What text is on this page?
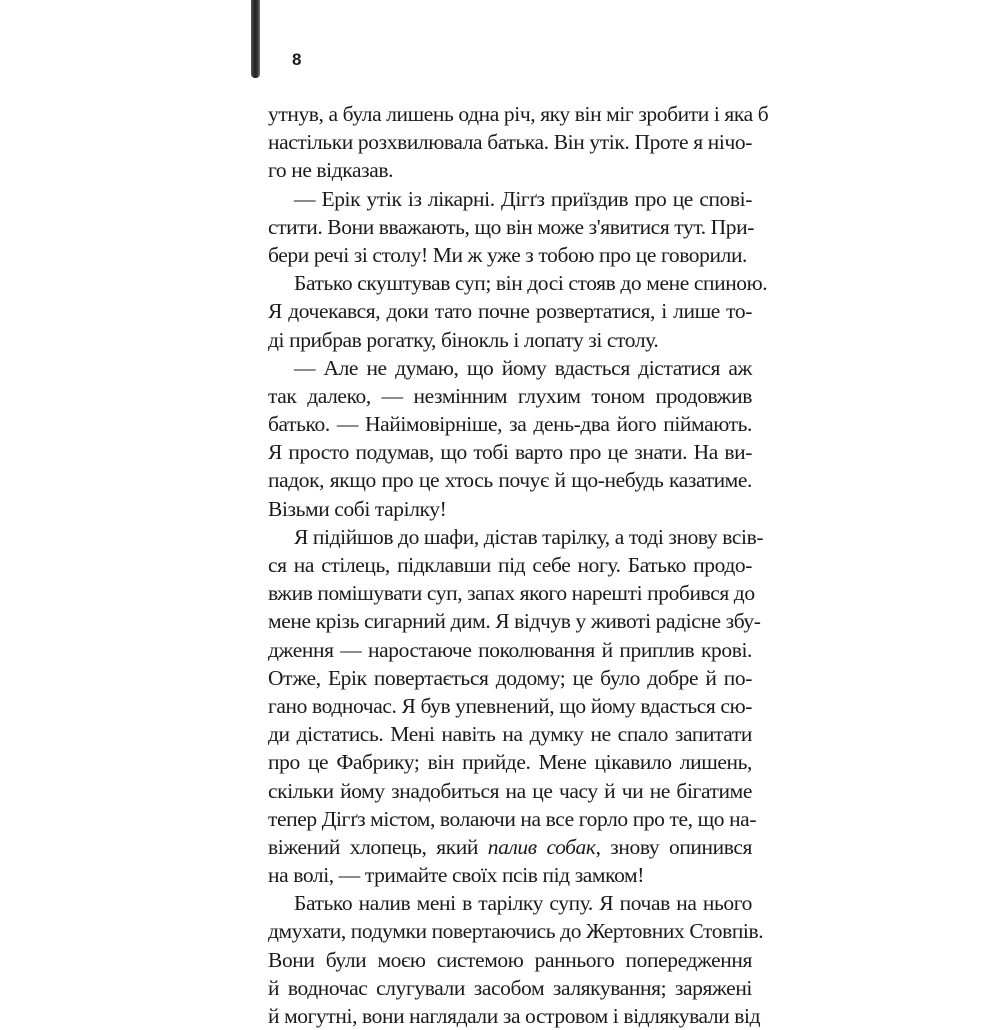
8
утнув, а була лишень одна річ, яку він міг зробити і яка б
настільки розхвилювала батька. Він утік. Проте я нічо-
го не відказав.
— Ерік утік із лікарні. Дігґз приїздив про це спові-
стити. Вони вважають, що він може з'явитися тут. При-
бери речі зі столу! Ми ж уже з тобою про це говорили.
Батько скуштував суп; він досі стояв до мене спиною.
Я дочекався, доки тато почне розвертатися, і лише то-
ді прибрав рогатку, бінокль і лопату зі столу.
— Але не думаю, що йому вдасться дістатися аж
так далеко, — незмінним глухим тоном продовжив
батько. — Найімовірніше, за день-два його піймають.
Я просто подумав, що тобі варто про це знати. На ви-
падок, якщо про це хтось почує й що-небудь казатиме.
Візьми собі тарілку!
Я підійшов до шафи, дістав тарілку, а тоді знову всів-
ся на стілець, підклавши під себе ногу. Батько продо-
вжив помішувати суп, запах якого нарешті пробився до
мене крізь сигарний дим. Я відчув у животі радісне збу-
дження — наростаюче поколювання й приплив крові.
Отже, Ерік повертається додому; це було добре й по-
гано водночас. Я був упевнений, що йому вдасться сю-
ди дістатись. Мені навіть на думку не спало запитати
про це Фабрику; він прийде. Мене цікавило лишень,
скільки йому знадобиться на це часу й чи не бігатиме
тепер Дігґз містом, волаючи на все горло про те, що на-
віжений хлопець, який палив собак, знову опинився
на волі, — тримайте своїх псів під замком!
Батько налив мені в тарілку супу. Я почав на нього
дмухати, подумки повертаючись до Жертовних Стовпів.
Вони були моєю системою раннього попередження
й водночас слугували засобом залякування; заряжені
й могутні, вони наглядали за островом і відлякували від
